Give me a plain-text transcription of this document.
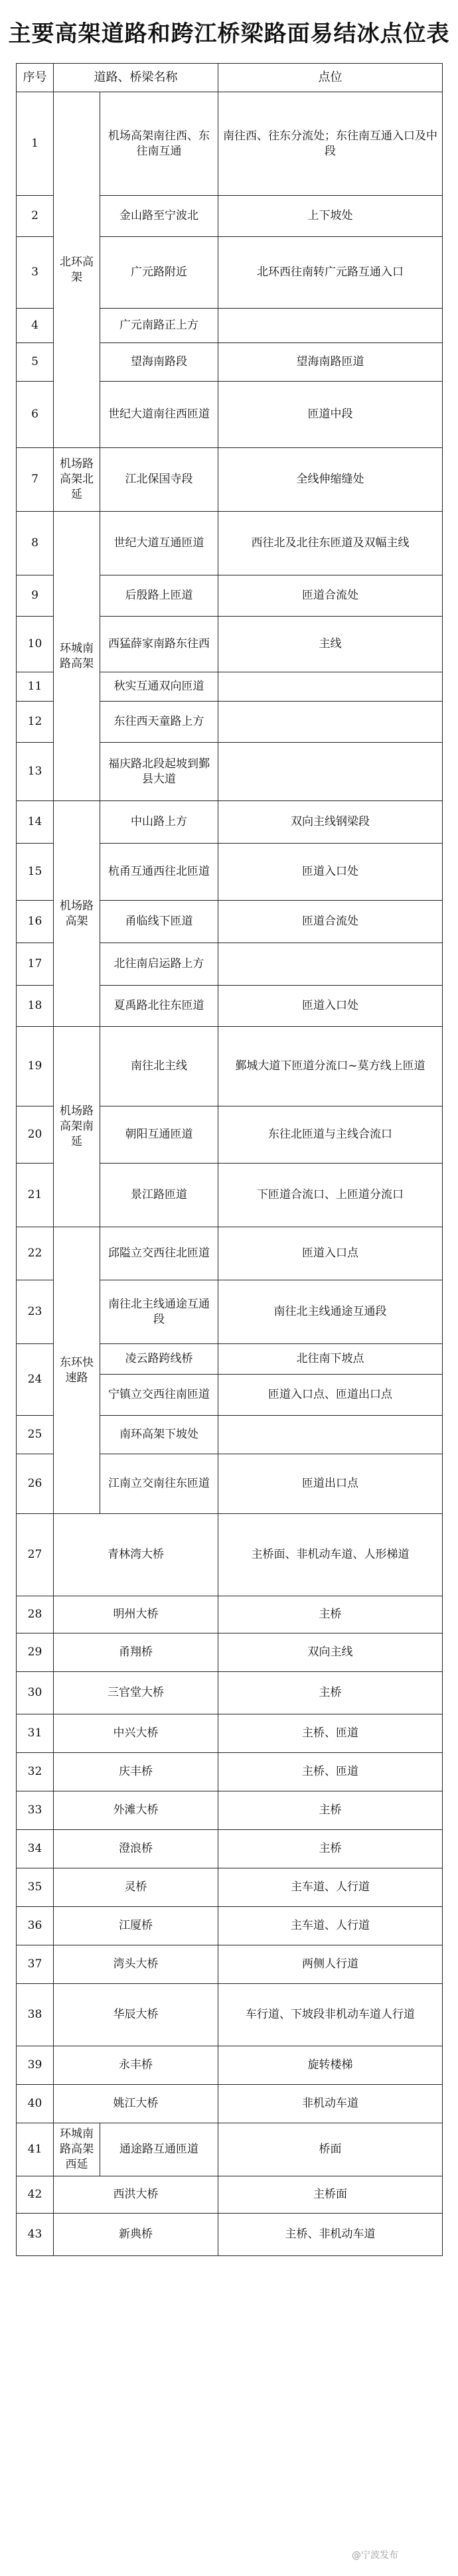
主要高架道路和跨江桥梁路面易结冰点位表
序号	道路、桥梁名称		点位
1	北环高架	机场高架南往西、东往南互通	南往西、往东分流处；东往南互通入口及中段
2		金山路至宁波北	上下坡处
3		广元路附近	北环西往南转广元路互通入口
4		广元南路正上方	
5		望海南路段	望海南路匝道
6		世纪大道南往西匝道	匝道中段
7	机场路高架北延	江北保国寺段	全线伸缩缝处
8	环城南路高架	世纪大道互通匝道	西往北及北往东匝道及双幅主线
9		后殷路上匝道	匝道合流处
10		西猛薛家南路东往西	主线
11		秋实互通双向匝道	
12		东往西天童路上方	
13		福庆路北段起坡到鄞县大道	
14	机场路高架	中山路上方	双向主线钢梁段
15		杭甬互通西往北匝道	匝道入口处
16		甬临线下匝道	匝道合流处
17		北往南启运路上方	
18		夏禹路北往东匝道	匝道入口处
19	机场路高架南延	南往北主线	鄞城大道下匝道分流口~莫方线上匝道
20		朝阳互通匝道	东往北匝道与主线合流口
21		景江路匝道	下匝道合流口、上匝道分流口
22	东环快速路	邱隘立交西往北匝道	匝道入口点
23		南往北主线通途互通段	南往北主线通途互通段
24		凌云路跨线桥	北往南下坡点
		宁镇立交西往南匝道	匝道入口点、匝道出口点
25		南环高架下坡处	
26		江南立交南往东匝道	匝道出口点
27	青林湾大桥		主桥面、非机动车道、人形梯道
28	明州大桥		主桥
29	甬翔桥		双向主线
30	三官堂大桥		主桥
31	中兴大桥		主桥、匝道
32	庆丰桥		主桥、匝道
33	外滩大桥		主桥
34	澄浪桥		主桥
35	灵桥		主车道、人行道
36	江厦桥		主车道、人行道
37	湾头大桥		两侧人行道
38	华辰大桥		车行道、下坡段非机动车道人行道
39	永丰桥		旋转楼梯
40	姚江大桥		非机动车道
41	环城南路高架西延	通途路互通匝道	桥面
42	西洪大桥		主桥面
43	新典桥		主桥、非机动车道
@宁波发布
